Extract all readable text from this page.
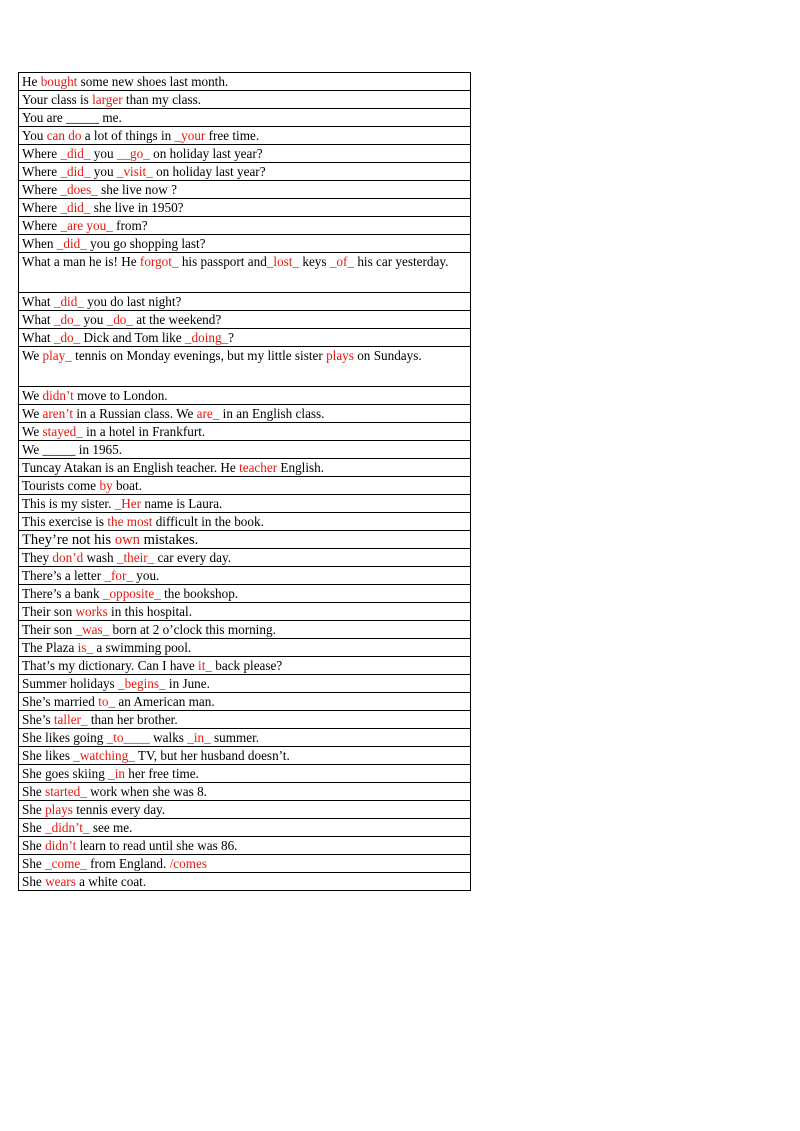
He bought some new shoes last month.
Your class is larger than my class.
You are _____ me.
You can do a lot of things in _your free time.
Where _did_ you __go_ on holiday last year?
Where _did_ you _visit_ on holiday last year?
Where _does_ she live now ?
Where _did_ she live in 1950?
Where _are you_ from?
When _did_ you go shopping last?
What a man he is! He forgot_ his passport and_lost_ keys _of_ his car yesterday.
What _did_ you do last night?
What _do_ you _do_ at the weekend?
What _do_ Dick and Tom like _doing_?
We play_ tennis on Monday evenings, but my little sister plays on Sundays.
We didn’t move to London.
We aren’t in a Russian class. We are_ in an English class.
We stayed_ in a hotel in Frankfurt.
We _____ in 1965.
Tuncay Atakan is an English teacher. He teacher English.
Tourists come by boat.
This is my sister. _Her name is Laura.
This exercise is the most difficult in the book.
They’re not his own mistakes.
They don’d wash _their_ car every day.
There’s a letter _for_ you.
There’s a bank _opposite_ the bookshop.
Their son works in this hospital.
Their son _was_ born at 2 o’clock this morning.
The Plaza is_ a swimming pool.
That’s my dictionary. Can I have it_ back please?
Summer holidays _begins_ in June.
She’s married to_ an American man.
She’s taller_ than her brother.
She likes going _to____ walks _in_ summer.
She likes _watching_ TV, but her husband doesn’t.
She goes skiing _in her free time.
She started_ work when she was 8.
She plays tennis every day.
She _didn’t_ see me.
She didn’t learn to read until she was 86.
She _come_ from England. /comes
She wears a white coat.
